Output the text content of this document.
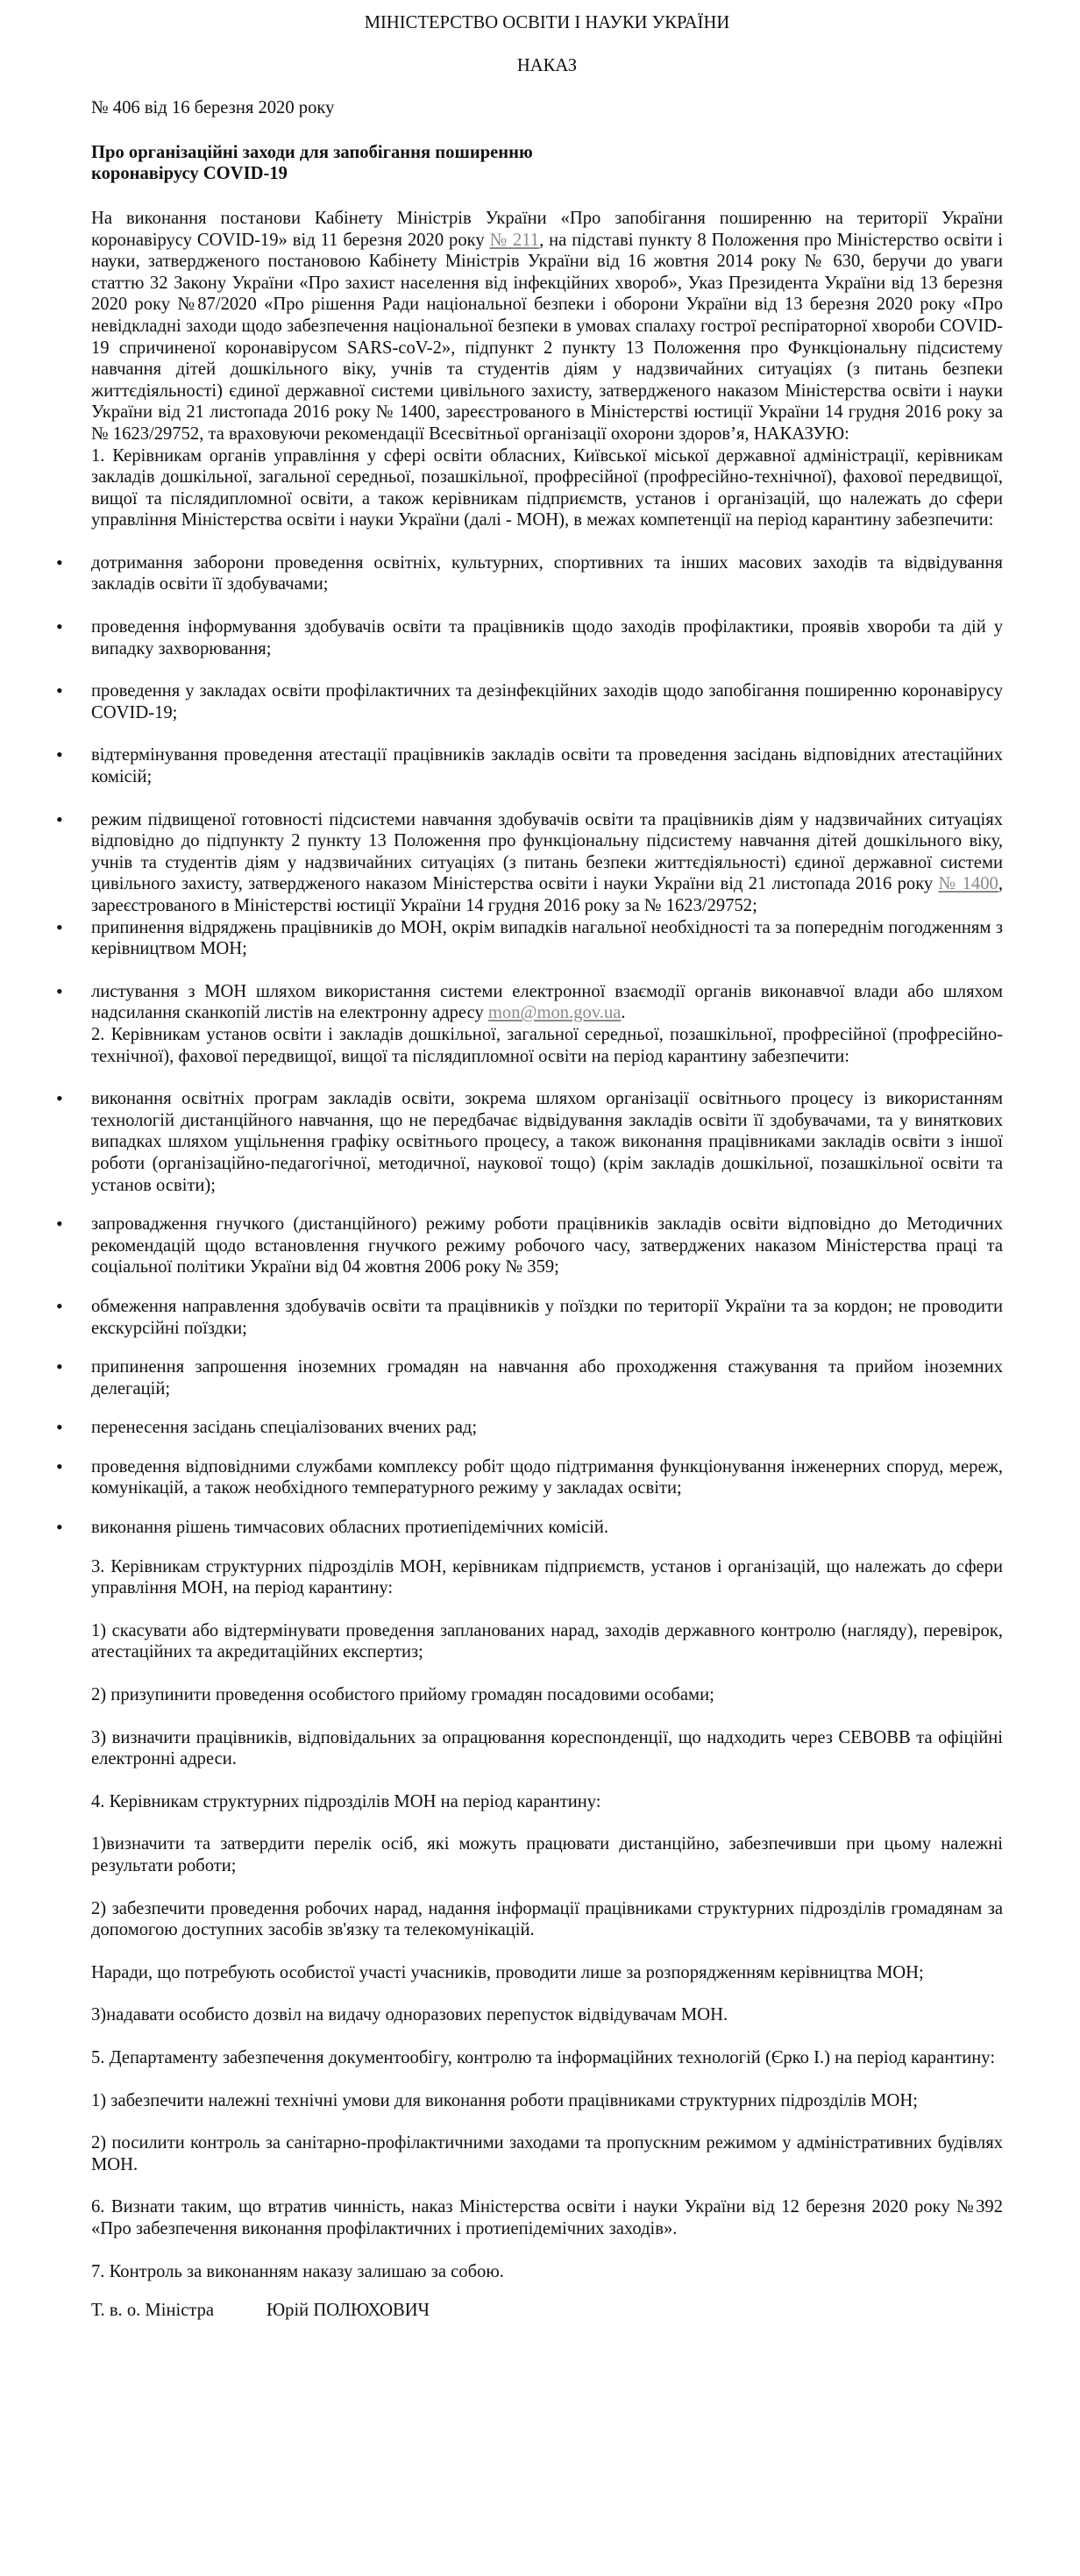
МІНІСТЕРСТВО ОСВІТИ І НАУКИ УКРАЇНИ

НАКАЗ

№ 406 від 16 березня 2020 року

Про організаційні заходи для запобігання поширенню коронавірусу COVID-19

На виконання постанови Кабінету Міністрів України «Про запобігання поширенню на території України коронавірусу COVID-19» від 11 березня 2020 року № 211, на підставі пункту 8 Положення про Міністерство освіти і науки, затвердженого постановою Кабінету Міністрів України від 16 жовтня 2014 року № 630, беручи до уваги статтю 32 Закону України «Про захист населення від інфекційних хвороб», Указ Президента України від 13 березня 2020 року №87/2020 «Про рішення Ради національної безпеки і оборони України від 13 березня 2020 року «Про невідкладні заходи щодо забезпечення національної безпеки в умовах спалаху гострої респіраторної хвороби COVID-19 спричиненої коронавірусом SARS-coV-2», підпункт 2 пункту 13 Положення про Функціональну підсистему навчання дітей дошкільного віку, учнів та студентів діям у надзвичайних ситуаціях (з питань безпеки життєдіяльності) єдиної державної системи цивільного захисту, затвердженого наказом Міністерства освіти і науки України від 21 листопада 2016 року № 1400, зареєстрованого в Міністерстві юстиції України 14 грудня 2016 року за № 1623/29752, та враховуючи рекомендації Всесвітньої організації охорони здоров’я, НАКАЗУЮ:

1. Керівникам органів управління у сфері освіти обласних, Київської міської державної адміністрації, керівникам закладів дошкільної, загальної середньої, позашкільної, профресійної (профресійно-технічної), фахової передвищої, вищої та післядипломної освіти, а також керівникам підприємств, установ і організацій, що належать до сфери управління Міністерства освіти і науки України (далі - МОН), в межах компетенції на період карантину забезпечити:

• дотримання заборони проведення освітніх, культурних, спортивних та інших масових заходів та відвідування закладів освіти її здобувачами;
• проведення інформування здобувачів освіти та працівників щодо заходів профілактики, проявів хвороби та дій у випадку захворювання;
• проведення у закладах освіти профілактичних та дезінфекційних заходів щодо запобігання поширенню коронавірусу COVID-19;
• відтермінування проведення атестації працівників закладів освіти та проведення засідань відповідних атестаційних комісій;
• режим підвищеної готовності підсистеми навчання здобувачів освіти та працівників діям у надзвичайних ситуаціях відповідно до підпункту 2 пункту 13 Положення про функціональну підсистему навчання дітей дошкільного віку, учнів та студентів діям у надзвичайних ситуаціях (з питань безпеки життєдіяльності) єдиної державної системи цивільного захисту, затвердженого наказом Міністерства освіти і науки України від 21 листопада 2016 року № 1400, зареєстрованого в Міністерстві юстиції України 14 грудня 2016 року за № 1623/29752;
• припинення відряджень працівників до МОН, окрім випадків нагальної необхідності та за попереднім погодженням з керівництвом МОН;
• листування з МОН шляхом використання системи електронної взаємодії органів виконавчої влади або шляхом надсилання сканкопій листів на електронну адресу mon@mon.gov.ua.

2. Керівникам установ освіти і закладів дошкільної, загальної середньої, позашкільної, профресійної (профресійно-технічної), фахової передвищої, вищої та післядипломної освіти на період карантину забезпечити:

• виконання освітніх програм закладів освіти, зокрема шляхом організації освітнього процесу із використанням технологій дистанційного навчання, що не передбачає відвідування закладів освіти її здобувачами, та у виняткових випадках шляхом ущільнення графіку освітнього процесу, а також виконання працівниками закладів освіти з іншої роботи (організаційно-педагогічної, методичної, наукової тощо) (крім закладів дошкільної, позашкільної освіти та установ освіти);
• запровадження гнучкого (дистанційного) режиму роботи працівників закладів освіти відповідно до Методичних рекомендацій щодо встановлення гнучкого режиму робочого часу, затверджених наказом Міністерства праці та соціальної політики України від 04 жовтня 2006 року № 359;
• обмеження направлення здобувачів освіти та працівників у поїздки по території України та за кордон; не проводити екскурсійні поїздки;
• припинення запрошення іноземних громадян на навчання або проходження стажування та прийом іноземних делегацій;
• перенесення засідань спеціалізованих вчених рад;
• проведення відповідними службами комплексу робіт щодо підтримання функціонування інженерних споруд, мереж, комунікацій, а також необхідного температурного режиму у закладах освіти;
• виконання рішень тимчасових обласних протиепідемічних комісій.

3. Керівникам структурних підрозділів МОН, керівникам підприємств, установ і організацій, що належать до сфери управління МОН, на період карантину:

1) скасувати або відтермінувати проведення запланованих нарад, заходів державного контролю (нагляду), перевірок, атестаційних та акредитаційних експертиз;

2) призупинити проведення особистого прийому громадян посадовими особами;

3) визначити працівників, відповідальних за опрацювання кореспонденції, що надходить через СЕВОВВ та офіційні електронні адреси.

4. Керівникам структурних підрозділів МОН на період карантину:

1)визначити та затвердити перелік осіб, які можуть працювати дистанційно, забезпечивши при цьому належні результати роботи;

2) забезпечити проведення робочих нарад, надання інформації працівниками структурних підрозділів громадянам за допомогою доступних засобів зв'язку та телекомунікацій.

Наради, що потребують особистої участі учасників, проводити лише за розпорядженням керівництва МОН;

3)надавати особисто дозвіл на видачу одноразових перепусток відвідувачам МОН.

5. Департаменту забезпечення документообігу, контролю та інформаційних технологій (Єрко І.) на період карантину:

1) забезпечити належні технічні умови для виконання роботи працівниками структурних підрозділів МОН;

2) посилити контроль за санітарно-профілактичними заходами та пропускним режимом у адміністративних будівлях МОН.

6. Визнати таким, що втратив чинність, наказ Міністерства освіти і науки України від 12 березня 2020 року №392 «Про забезпечення виконання профілактичних і протиепідемічних заходів».

7. Контроль за виконанням наказу залишаю за собою.

Т. в. о. Міністра	Юрій ПОЛЮХОВИЧ
